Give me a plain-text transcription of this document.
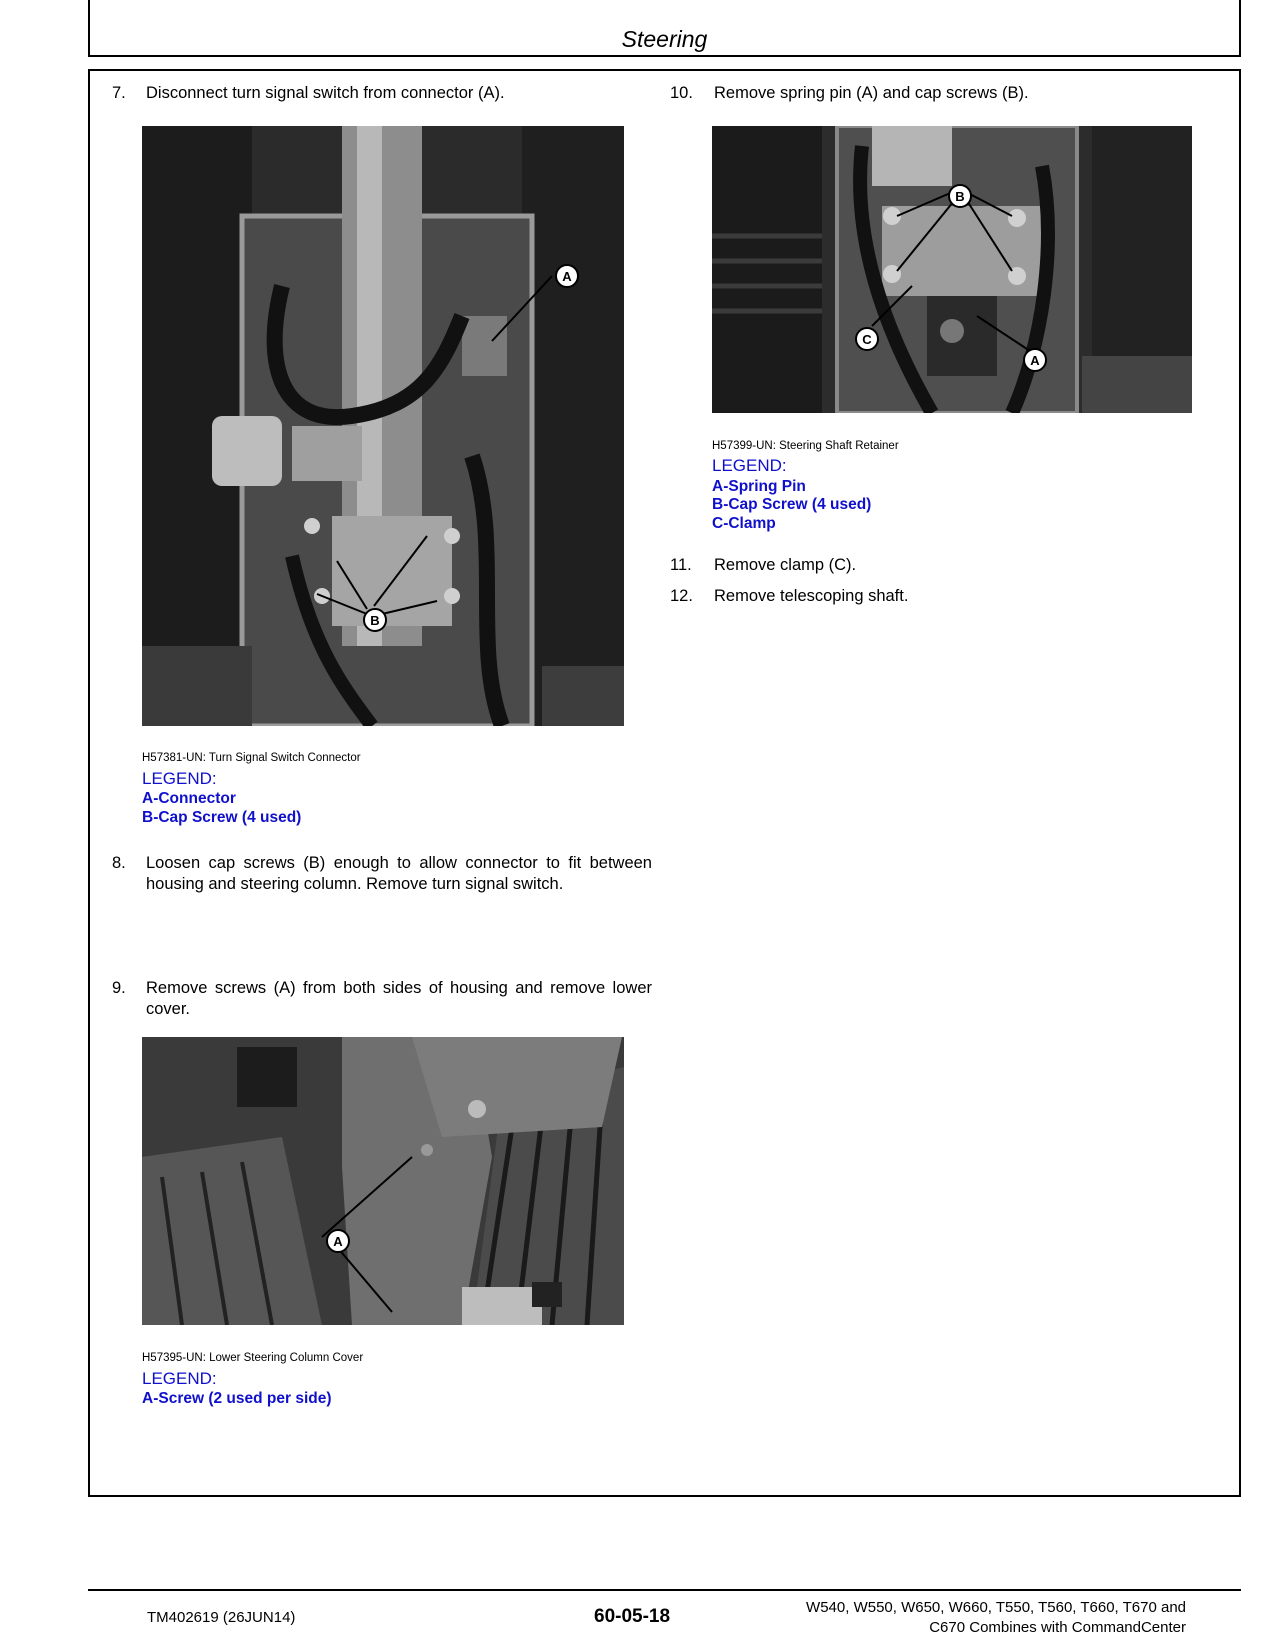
Steering
7. Disconnect turn signal switch from connector (A).
A
B
H57381-UN: Turn Signal Switch Connector
LEGEND:
A-Connector
B-Cap Screw (4 used)
8. Loosen cap screws (B) enough to allow connector to fit between housing and steering column. Remove turn signal switch.
9. Remove screws (A) from both sides of housing and remove lower cover.
A
H57395-UN: Lower Steering Column Cover
LEGEND:
A-Screw (2 used per side)
10. Remove spring pin (A) and cap screws (B).
B
C
A
H57399-UN: Steering Shaft Retainer
LEGEND:
A-Spring Pin
B-Cap Screw (4 used)
C-Clamp
11. Remove clamp (C).
12. Remove telescoping shaft.
TM402619 (26JUN14)	60-05-18	W540, W550, W650, W660, T550, T560, T660, T670 and
C670 Combines with CommandCenter
